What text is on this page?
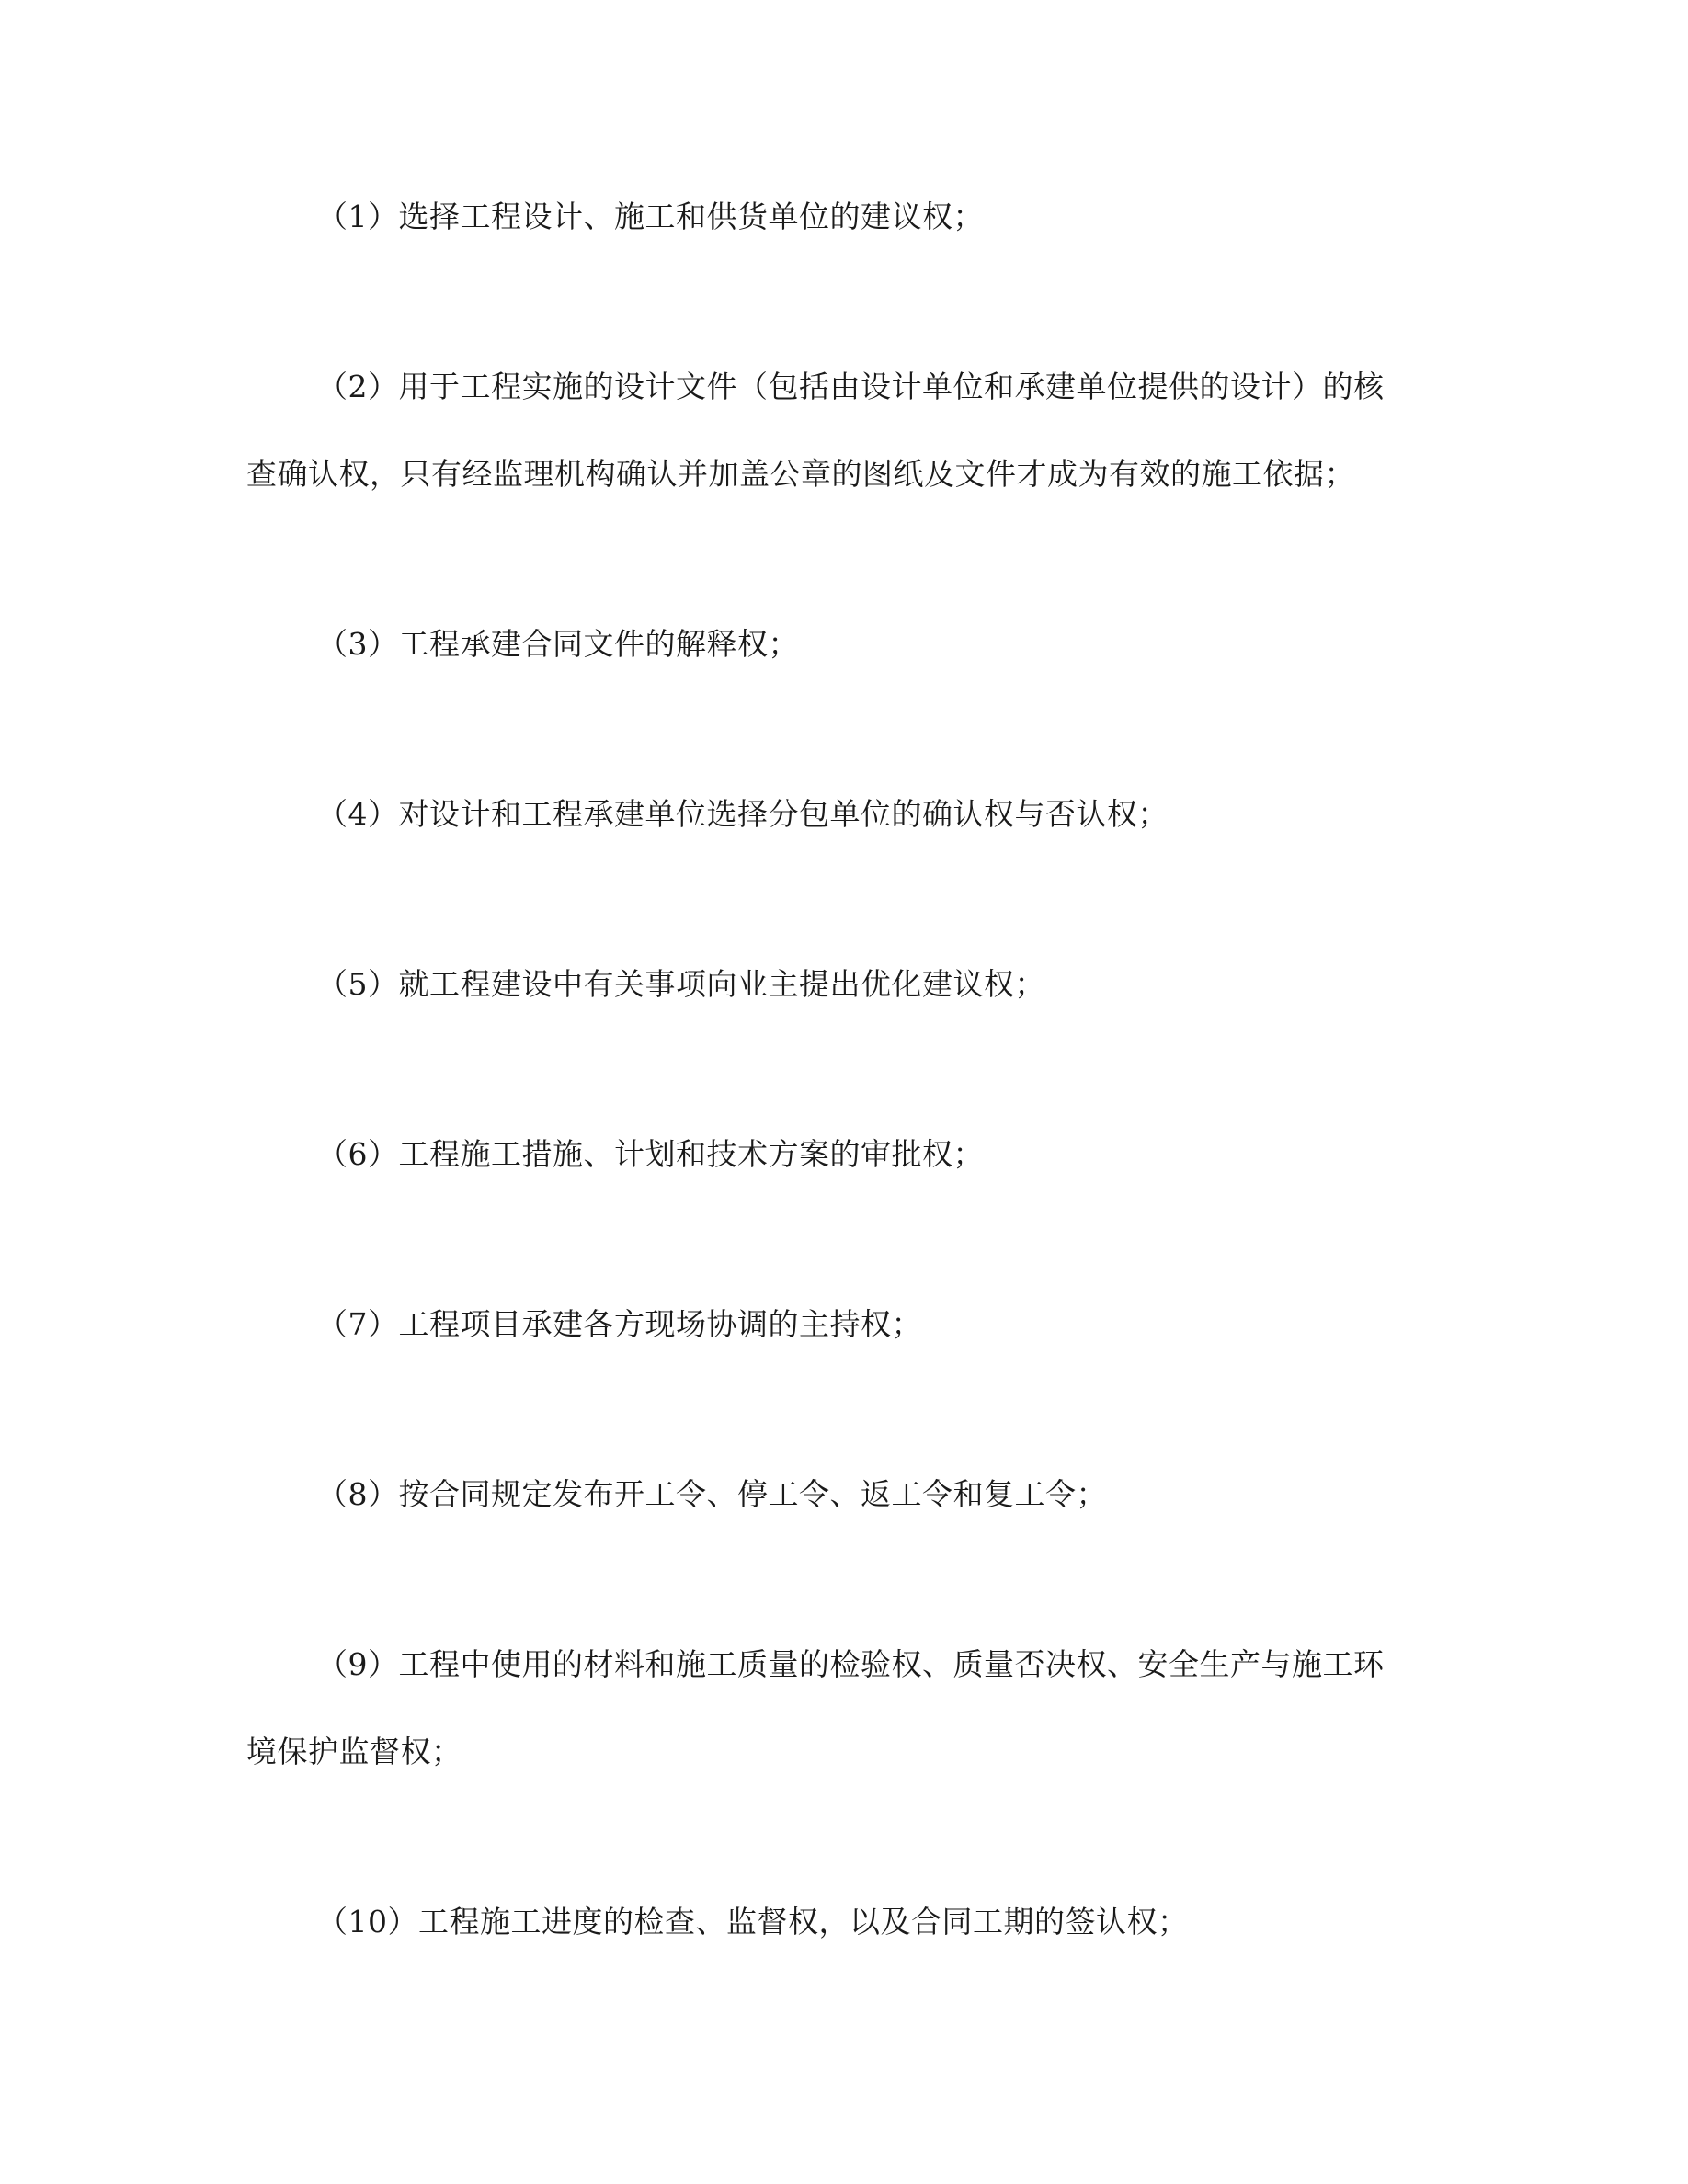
（1）选择工程设计、施工和供货单位的建议权；
（2）用于工程实施的设计文件（包括由设计单位和承建单位提供的设计）的核
查确认权，只有经监理机构确认并加盖公章的图纸及文件才成为有效的施工依据；
（3）工程承建合同文件的解释权；
（4）对设计和工程承建单位选择分包单位的确认权与否认权；
（5）就工程建设中有关事项向业主提出优化建议权；
（6）工程施工措施、计划和技术方案的审批权；
（7）工程项目承建各方现场协调的主持权；
（8）按合同规定发布开工令、停工令、返工令和复工令；
（9）工程中使用的材料和施工质量的检验权、质量否决权、安全生产与施工环
境保护监督权；
（10）工程施工进度的检查、监督权，以及合同工期的签认权；
